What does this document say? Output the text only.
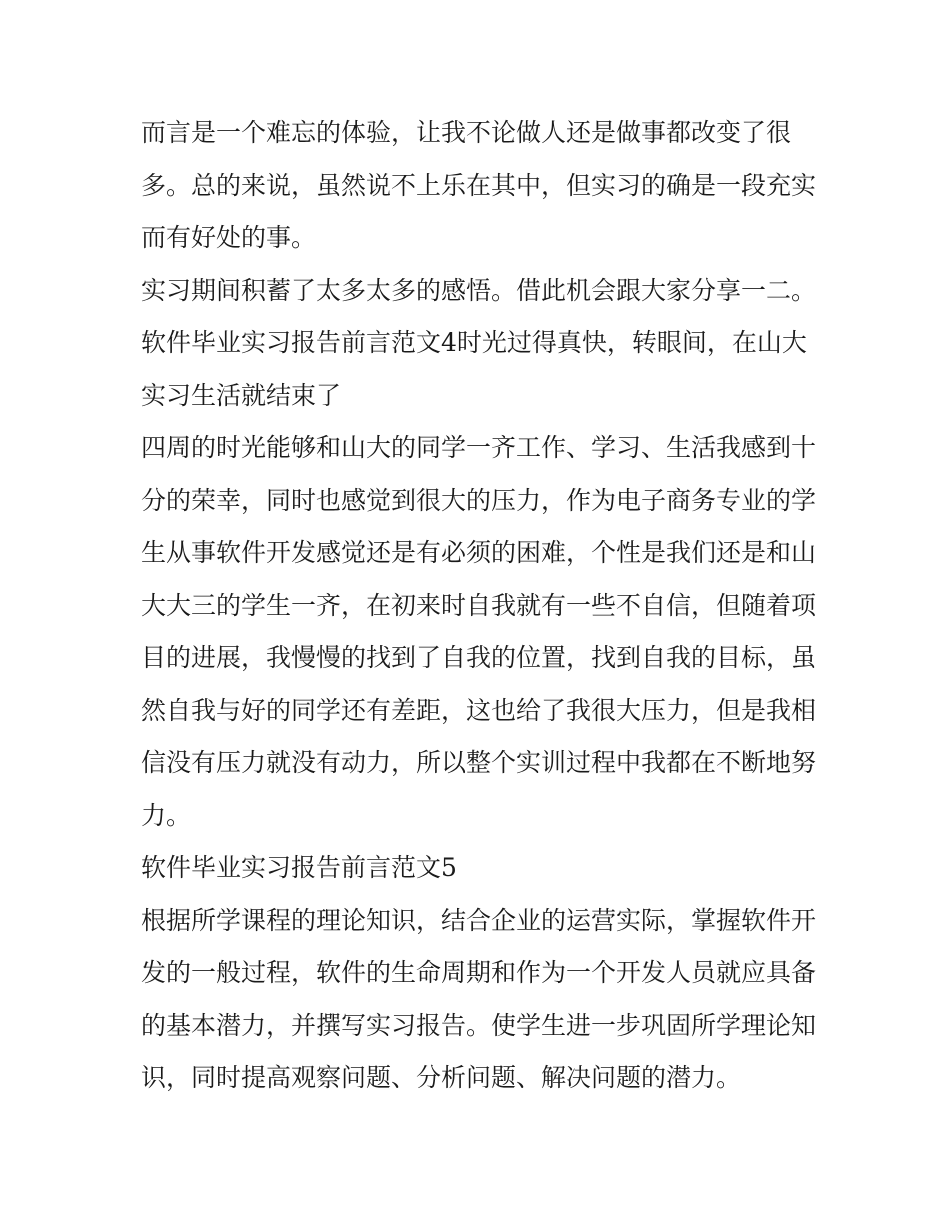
而言是一个难忘的体验，让我不论做人还是做事都改变了很
多。总的来说，虽然说不上乐在其中，但实习的确是一段充实
而有好处的事。
实习期间积蓄了太多太多的感悟。借此机会跟大家分享一二。
软件毕业实习报告前言范文4时光过得真快，转眼间，在山大
实习生活就结束了
四周的时光能够和山大的同学一齐工作、学习、生活我感到十
分的荣幸，同时也感觉到很大的压力，作为电子商务专业的学
生从事软件开发感觉还是有必须的困难，个性是我们还是和山
大大三的学生一齐，在初来时自我就有一些不自信，但随着项
目的进展，我慢慢的找到了自我的位置，找到自我的目标，虽
然自我与好的同学还有差距，这也给了我很大压力，但是我相
信没有压力就没有动力，所以整个实训过程中我都在不断地努
力。
软件毕业实习报告前言范文5
根据所学课程的理论知识，结合企业的运营实际，掌握软件开
发的一般过程，软件的生命周期和作为一个开发人员就应具备
的基本潜力，并撰写实习报告。使学生进一步巩固所学理论知
识，同时提高观察问题、分析问题、解决问题的潜力。
